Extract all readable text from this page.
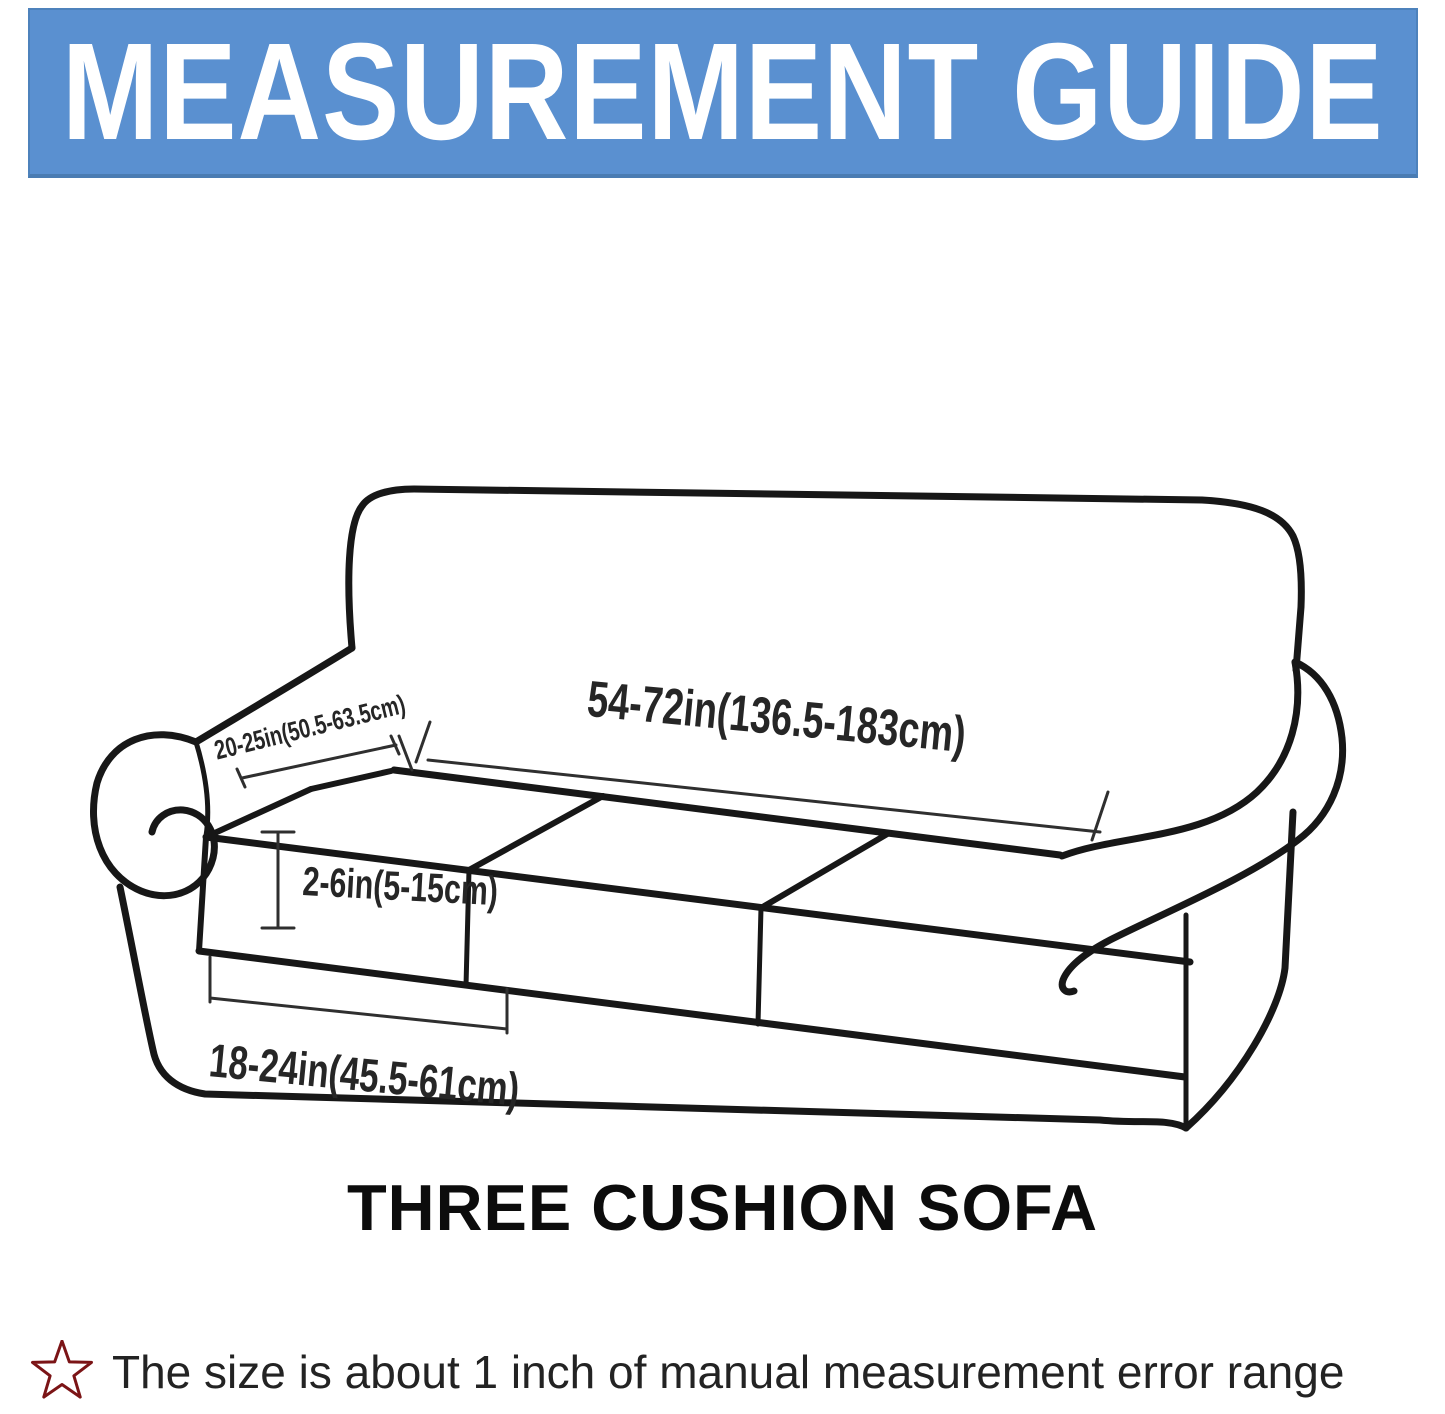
MEASUREMENT GUIDE
20-25in(50.5-63.5cm)	54-72in(136.5-183cm)
2-6in(5-15cm)
18-24in(45.5-61cm)
THREE CUSHION SOFA
The size is about 1 inch of manual measurement error range
